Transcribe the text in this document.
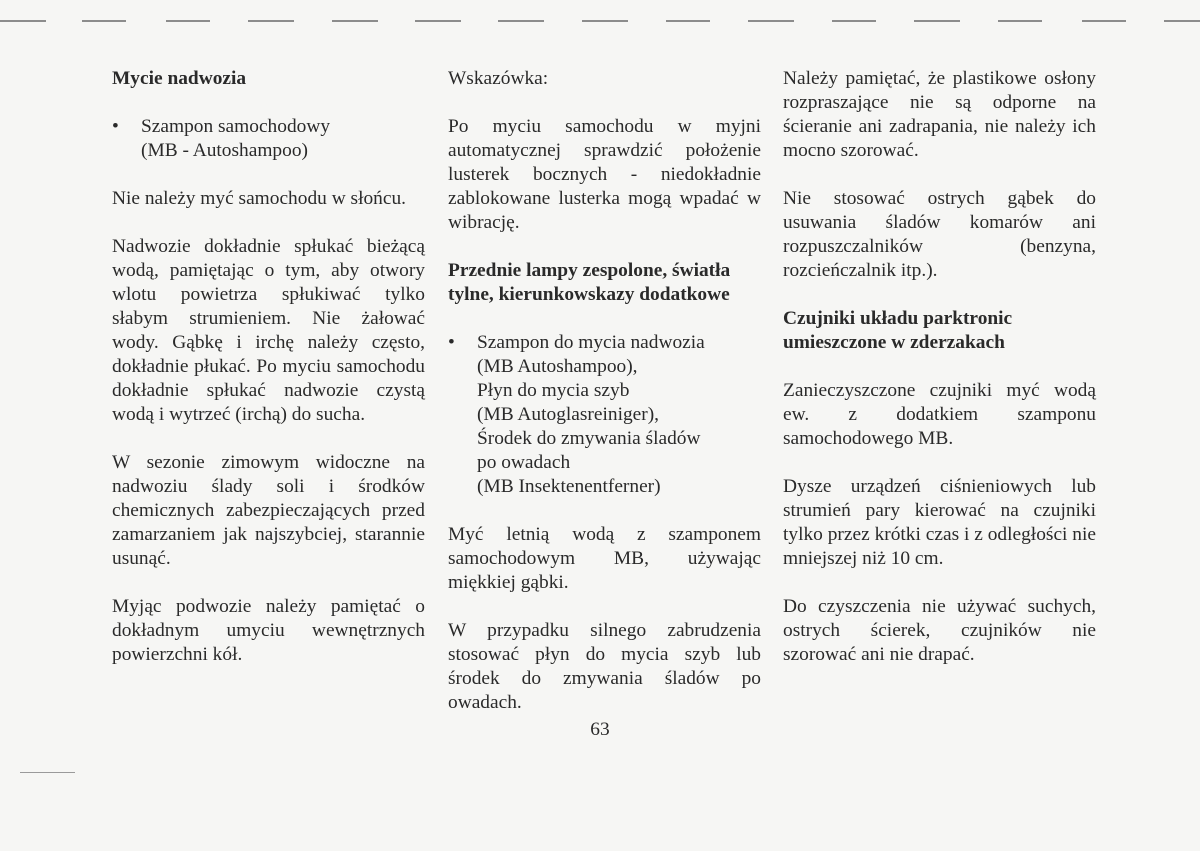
Mycie nadwozia
•	Szampon samochodowy
(MB - Autoshampoo)

Nie należy myć samochodu w słońcu.

Nadwozie dokładnie spłukać bieżącą wodą, pamiętając o tym, aby otwory wlotu powietrza spłukiwać tylko słabym strumieniem. Nie żałować wody. Gąbkę i irchę należy często, dokładnie płukać. Po myciu samochodu dokładnie spłukać nadwozie czystą wodą i wytrzeć (irchą) do sucha.

W sezonie zimowym widoczne na nadwoziu ślady soli i środków chemicznych zabezpieczających przed zamarzaniem jak najszybciej, starannie usunąć.

Myjąc podwozie należy pamiętać o dokładnym umyciu wewnętrznych powierzchni kół.

Wskazówka:

Po myciu samochodu w myjni automatycznej sprawdzić położenie lusterek bocznych - niedokładnie zablokowane lusterka mogą wpadać w wibrację.

Przednie lampy zespolone, światła tylne, kierunkowskazy dodatkowe
•	Szampon do mycia nadwozia
(MB Autoshampoo),
Płyn do mycia szyb
(MB Autoglasreiniger),
Środek do zmywania śladów
po owadach
(MB Insektenentferner)

Myć letnią wodą z szamponem samochodowym MB, używając miękkiej gąbki.

W przypadku silnego zabrudzenia stosować płyn do mycia szyb lub środek do zmywania śladów po owadach.

Należy pamiętać, że plastikowe osłony rozpraszające nie są odporne na ścieranie ani zadrapania, nie należy ich mocno szorować.

Nie stosować ostrych gąbek do usuwania śladów komarów ani rozpuszczalników (benzyna, rozcieńczalnik itp.).

Czujniki układu parktronic umieszczone w zderzakach

Zanieczyszczone czujniki myć wodą ew. z dodatkiem szamponu samochodowego MB.

Dysze urządzeń ciśnieniowych lub strumień pary kierować na czujniki tylko przez krótki czas i z odległości nie mniejszej niż 10 cm.

Do czyszczenia nie używać suchych, ostrych ścierek, czujników nie szorować ani nie drapać.

63
